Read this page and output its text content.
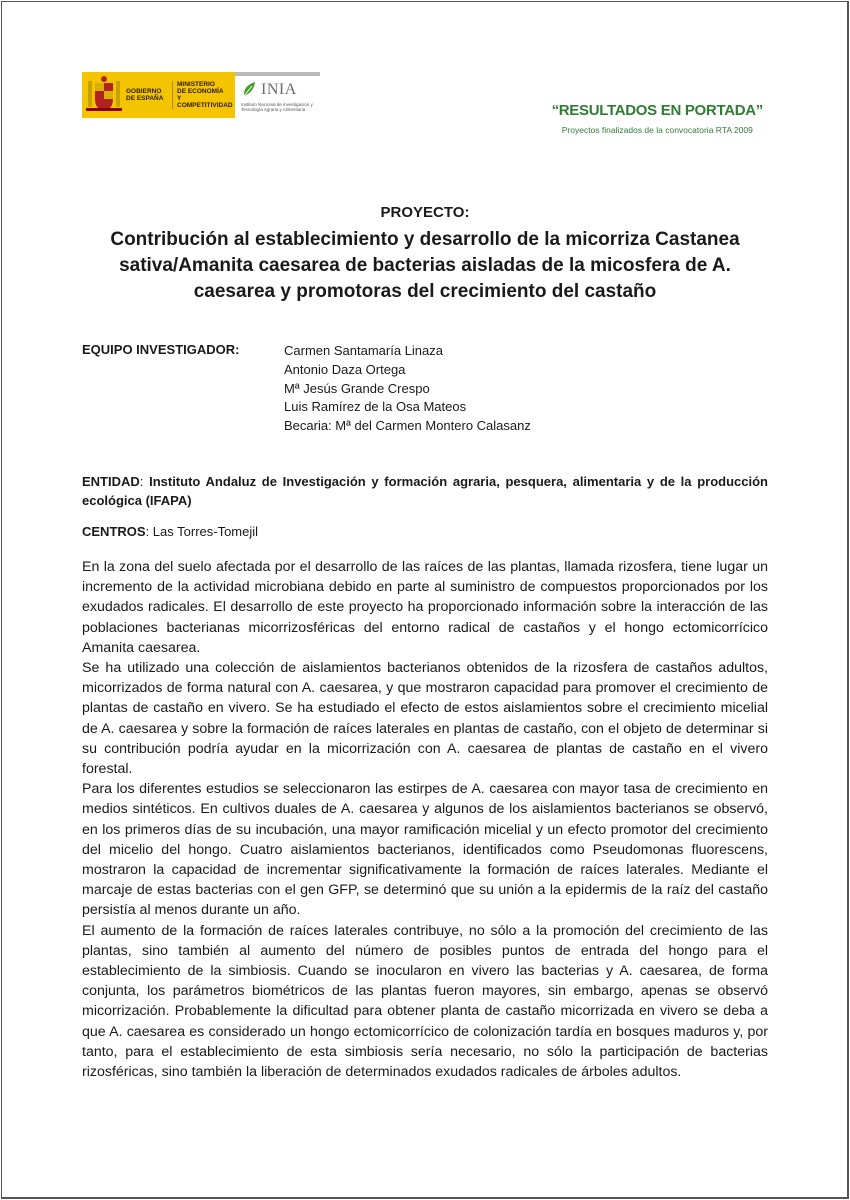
GOBIERNO
DE ESPAÑA
MINISTERIO
DE ECONOMÍA
Y COMPETITIVIDAD
INIA
Instituto Nacional de Investigación y Tecnología Agraria y Alimentaria	“RESULTADOS EN PORTADA”
Proyectos finalizados de la convocatoria RTA 2009
PROYECTO:
Contribución al establecimiento y desarrollo de la micorriza Castanea sativa/Amanita caesarea de bacterias aisladas de la micosfera de A. caesarea y promotoras del crecimiento del castaño
EQUIPO INVESTIGADOR:	Carmen Santamaría Linaza
Antonio Daza Ortega
Mª Jesús Grande Crespo
Luis Ramírez de la Osa Mateos
Becaria: Mª del Carmen Montero Calasanz
ENTIDAD: Instituto Andaluz de Investigación y formación agraria, pesquera, alimentaria y de la producción ecológica (IFAPA)
CENTROS: Las Torres-Tomejil

En la zona del suelo afectada por el desarrollo de las raíces de las plantas, llamada rizosfera, tiene lugar un incremento de la actividad microbiana debido en parte al suministro de compuestos proporcionados por los exudados radicales. El desarrollo de este proyecto ha proporcionado información sobre la interacción de las poblaciones bacterianas micorrizosféricas del entorno radical de castaños y el hongo ectomicorrícico Amanita caesarea.

Se ha utilizado una colección de aislamientos bacterianos obtenidos de la rizosfera de castaños adultos, micorrizados de forma natural con A. caesarea, y que mostraron capacidad para promover el crecimiento de plantas de castaño en vivero. Se ha estudiado el efecto de estos aislamientos sobre el crecimiento micelial de A. caesarea y sobre la formación de raíces laterales en plantas de castaño, con el objeto de determinar si su contribución podría ayudar en la micorrización con A. caesarea de plantas de castaño en el vivero forestal.

Para los diferentes estudios se seleccionaron las estirpes de A. caesarea con mayor tasa de crecimiento en medios sintéticos. En cultivos duales de A. caesarea y algunos de los aislamientos bacterianos se observó, en los primeros días de su incubación, una mayor ramificación micelial y un efecto promotor del crecimiento del micelio del hongo. Cuatro aislamientos bacterianos, identificados como Pseudomonas fluorescens, mostraron la capacidad de incrementar significativamente la formación de raíces laterales. Mediante el marcaje de estas bacterias con el gen GFP, se determinó que su unión a la epidermis de la raíz del castaño persistía al menos durante un año.

El aumento de la formación de raíces laterales contribuye, no sólo a la promoción del crecimiento de las plantas, sino también al aumento del número de posibles puntos de entrada del hongo para el establecimiento de la simbiosis. Cuando se inocularon en vivero las bacterias y A. caesarea, de forma conjunta, los parámetros biométricos de las plantas fueron mayores, sin embargo, apenas se observó micorrización. Probablemente la dificultad para obtener planta de castaño micorrizada en vivero se deba a que A. caesarea es considerado un hongo ectomicorrícico de colonización tardía en bosques maduros y, por tanto, para el establecimiento de esta simbiosis sería necesario, no sólo la participación de bacterias rizosféricas, sino también la liberación de determinados exudados radicales de árboles adultos.
